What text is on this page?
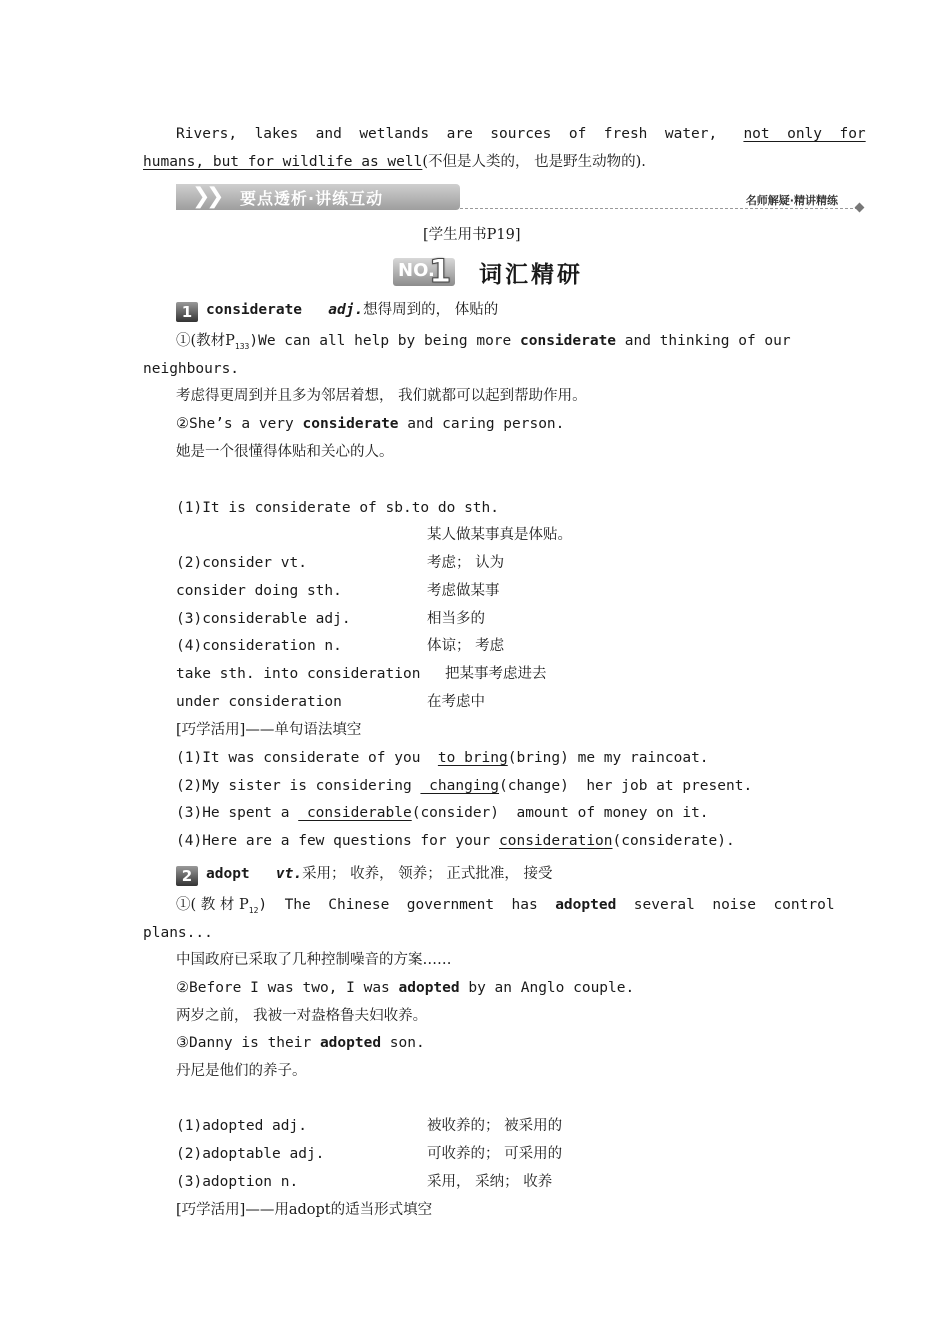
Rivers,  lakes  and  wetlands  are  sources  of  fresh  water,   not  only  for
humans, but for wildlife as well(不但是人类的， 也是野生动物的).
❯
❯ 要点透析·讲练互动	名师解疑·精讲精练
[学生用书P19]
NO.
1 词汇精研
1 considerate adj.想得周到的， 体贴的
①(教材$P_{133})We$ can all help by being more considerate and thinking of our
neighbours.
考虑得更周到并且多为邻居着想， 我们就都可以起到帮助作用。
②She’s a very considerate and caring person.
她是一个很懂得体贴和关心的人。
(1)It is considerate of sb.to do sth.
某人做某事真是体贴。
(2)consider vt.	考虑； 认为
consider doing sth.	考虑做某事
(3)considerable adj.	相当多的
(4)consideration n.	体谅； 考虑
take sth. into consideration 把某事考虑进去
under consideration	在考虑中
[巧学活用]——单句语法填空
(1)It was considerate of you  to bring(bring) me my raincoat.
(2)My sister is considering  changing(change)  her job at present.
(3)He spent a  considerable(consider)  amount of money on it.
(4)Here are a few questions for your consideration(considerate).
2 adopt vt.采用； 收养， 领养； 正式批准， 接受
①( 教 材 $P_{12}$)  The  Chinese  government  has  adopted  several  noise  control
plans...
中国政府已采取了几种控制噪音的方案……
②Before I was two, I was adopted by an Anglo couple.
两岁之前， 我被一对盎格鲁夫妇收养。
③Danny is their adopted son.
丹尼是他们的养子。
(1)adopted adj.	被收养的； 被采用的
(2)adoptable adj.	可收养的； 可采用的
(3)adoption n.	采用， 采纳； 收养
[巧学活用]——用adopt的适当形式填空
